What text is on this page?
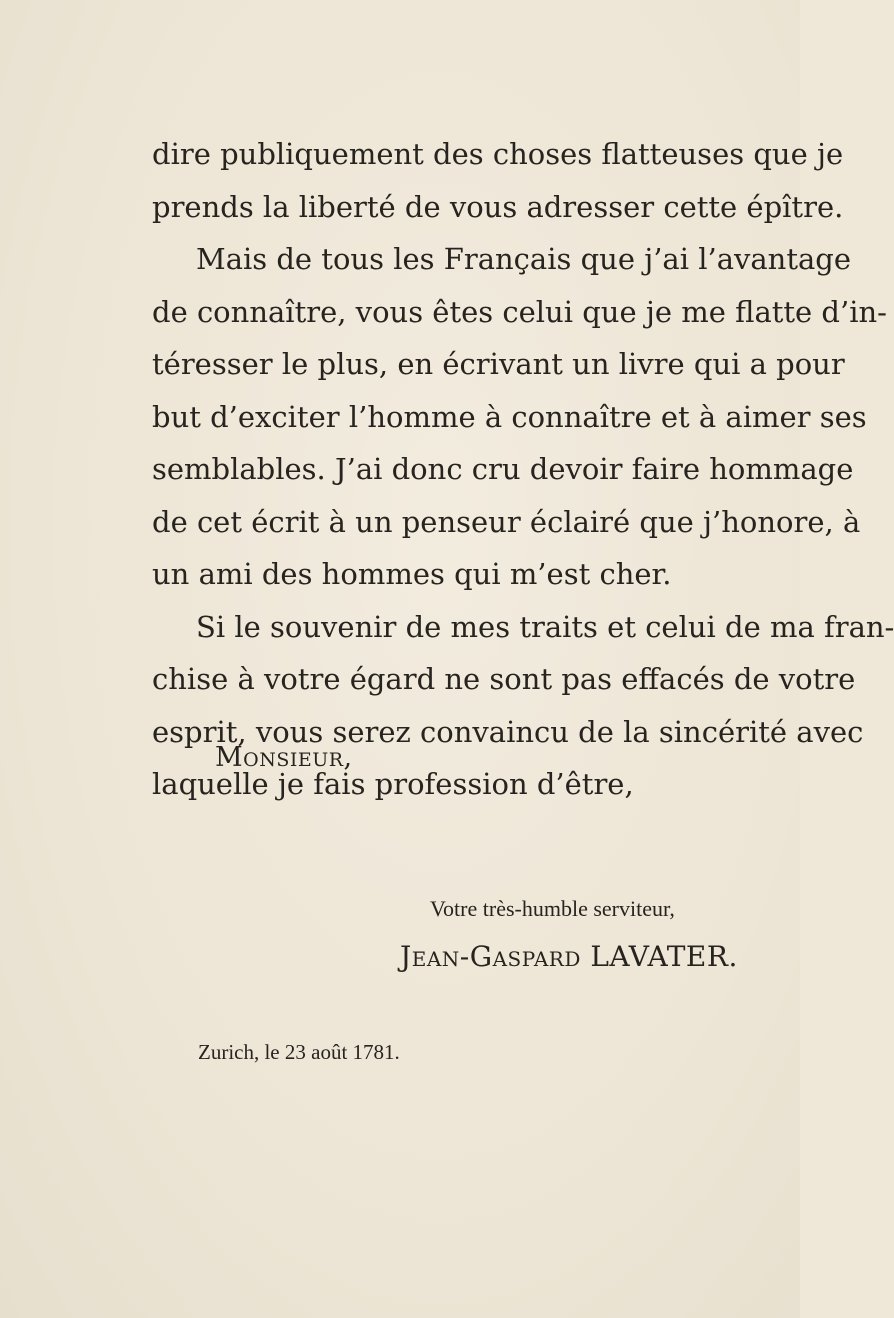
dire publiquement des choses flatteuses que je
prends la liberté de vous adresser cette épître.
Mais de tous les Français que j’ai l’avantage
de connaître, vous êtes celui que je me flatte d’in-
téresser le plus, en écrivant un livre qui a pour
but d’exciter l’homme à connaître et à aimer ses
semblables. J’ai donc cru devoir faire hommage
de cet écrit à un penseur éclairé que j’honore, à
un ami des hommes qui m’est cher.
Si le souvenir de mes traits et celui de ma fran-
chise à votre égard ne sont pas effacés de votre
esprit, vous serez convaincu de la sincérité avec
laquelle je fais profession d’être,
Monsieur,
Votre très-humble serviteur,
Jean-Gaspard LAVATER.
Zurich, le 23 août 1781.
